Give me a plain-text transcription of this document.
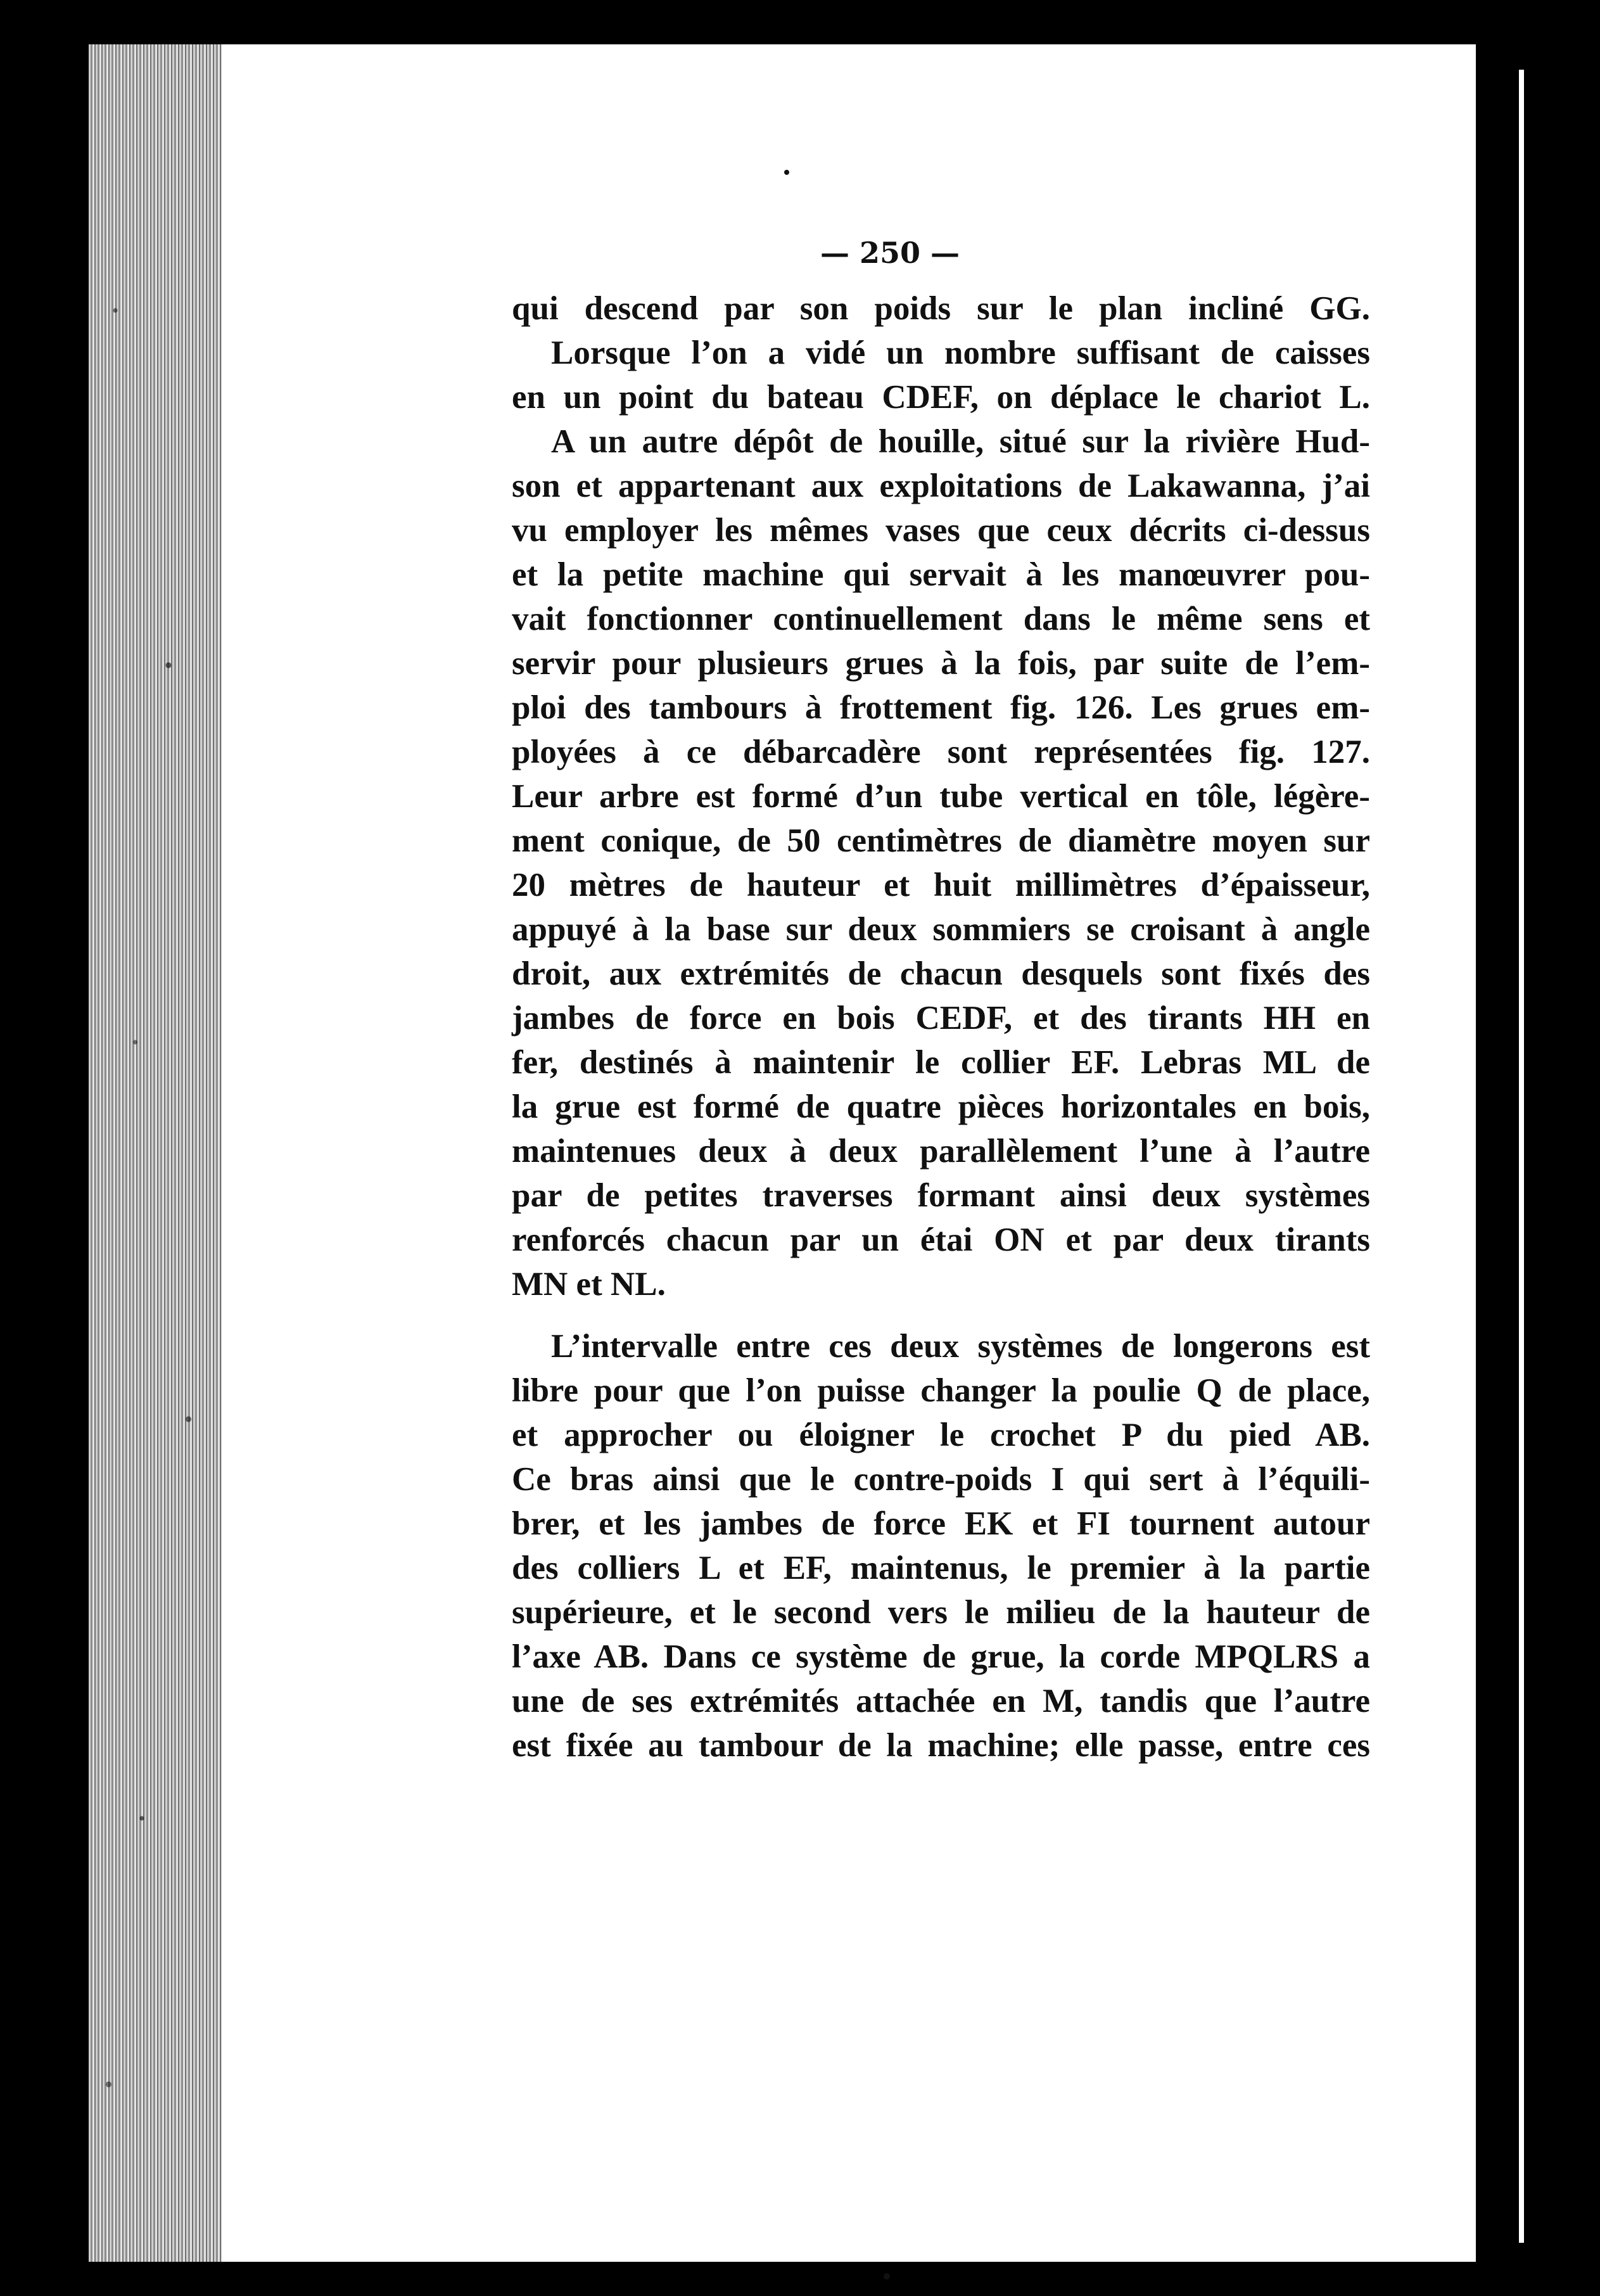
— 250 —
qui descend par son poids sur le plan incliné GG.
Lorsque l’on a vidé un nombre suffisant de caisses
en un point du bateau CDEF, on déplace le chariot L.
A un autre dépôt de houille, situé sur la rivière Hud-
son et appartenant aux exploitations de Lakawanna, j’ai
vu employer les mêmes vases que ceux décrits ci-dessus
et la petite machine qui servait à les manœuvrer pou-
vait fonctionner continuellement dans le même sens et
servir pour plusieurs grues à la fois, par suite de l’em-
ploi des tambours à frottement fig. 126. Les grues em-
ployées à ce débarcadère sont représentées fig. 127.
Leur arbre est formé d’un tube vertical en tôle, légère-
ment conique, de 50 centimètres de diamètre moyen sur
20 mètres de hauteur et huit millimètres d’épaisseur,
appuyé à la base sur deux sommiers se croisant à angle
droit, aux extrémités de chacun desquels sont fixés des
jambes de force en bois CEDF, et des tirants HH en
fer, destinés à maintenir le collier EF. Lebras ML de
la grue est formé de quatre pièces horizontales en bois,
maintenues deux à deux parallèlement l’une à l’autre
par de petites traverses formant ainsi deux systèmes
renforcés chacun par un étai ON et par deux tirants
MN et NL.
L’intervalle entre ces deux systèmes de longerons est
libre pour que l’on puisse changer la poulie Q de place,
et approcher ou éloigner le crochet P du pied AB.
Ce bras ainsi que le contre-poids I qui sert à l’équili-
brer, et les jambes de force EK et FI tournent autour
des colliers L et EF, maintenus, le premier à la partie
supérieure, et le second vers le milieu de la hauteur de
l’axe AB. Dans ce système de grue, la corde MPQLRS a
une de ses extrémités attachée en M, tandis que l’autre
est fixée au tambour de la machine; elle passe, entre ces
